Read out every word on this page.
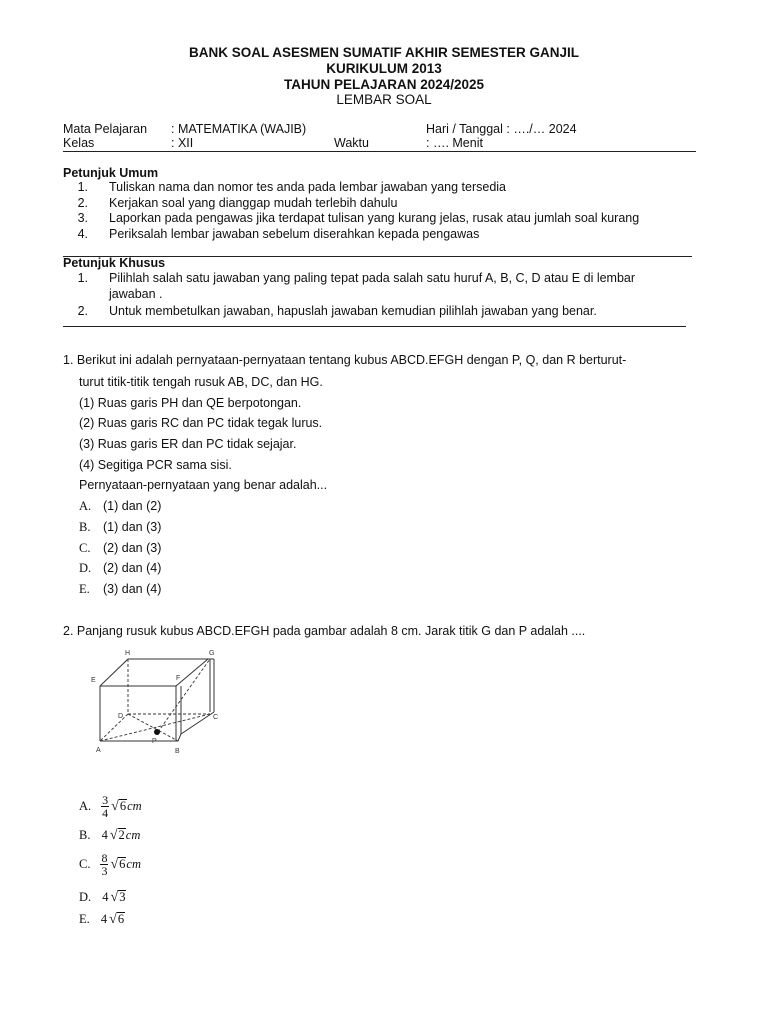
BANK SOAL ASESMEN SUMATIF AKHIR SEMESTER GANJIL
KURIKULUM 2013
TAHUN PELAJARAN 2024/2025
LEMBAR SOAL
Mata Pelajaran : MATEMATIKA (WAJIB)	Hari / Tanggal : …./… 2024
Kelas	: XII	Waktu	: …. Menit
Petunjuk Umum
1. Tuliskan nama dan nomor tes anda pada lembar jawaban yang tersedia
2. Kerjakan soal yang dianggap mudah terlebih dahulu
3. Laporkan pada pengawas jika terdapat tulisan yang kurang jelas, rusak atau jumlah soal kurang
4. Periksalah lembar jawaban sebelum diserahkan kepada pengawas
Petunjuk Khusus
1. Pilihlah salah satu jawaban yang paling tepat pada salah satu huruf A, B, C, D atau E di lembar
jawaban .
2. Untuk membetulkan jawaban, hapuslah jawaban kemudian pilihlah jawaban yang benar.
1. Berikut ini adalah pernyataan-pernyataan tentang kubus ABCD.EFGH dengan P, Q, dan R berturut-
turut titik-titik tengah rusuk AB, DC, dan HG.
(1) Ruas garis PH dan QE berpotongan.
(2) Ruas garis RC dan PC tidak tegak lurus.
(3) Ruas garis ER dan PC tidak sejajar.
(4) Segitiga PCR sama sisi.
Pernyataan-pernyataan yang benar adalah...
A. (1) dan (2)
B. (1) dan (3)
C. (2) dan (3)
D. (2) dan (4)
E. (3) dan (4)
2. Panjang rusuk kubus ABCD.EFGH pada gambar adalah 8 cm. Jarak titik G dan P adalah ....
H	G
E	F
D	C
A	B
P
A. $\frac{3}{4}$ √ 6 cm
B. 4 √2cm
C. $\frac{8}{3}$ √ 6 cm
D. 4 √3
E. 4 √6
